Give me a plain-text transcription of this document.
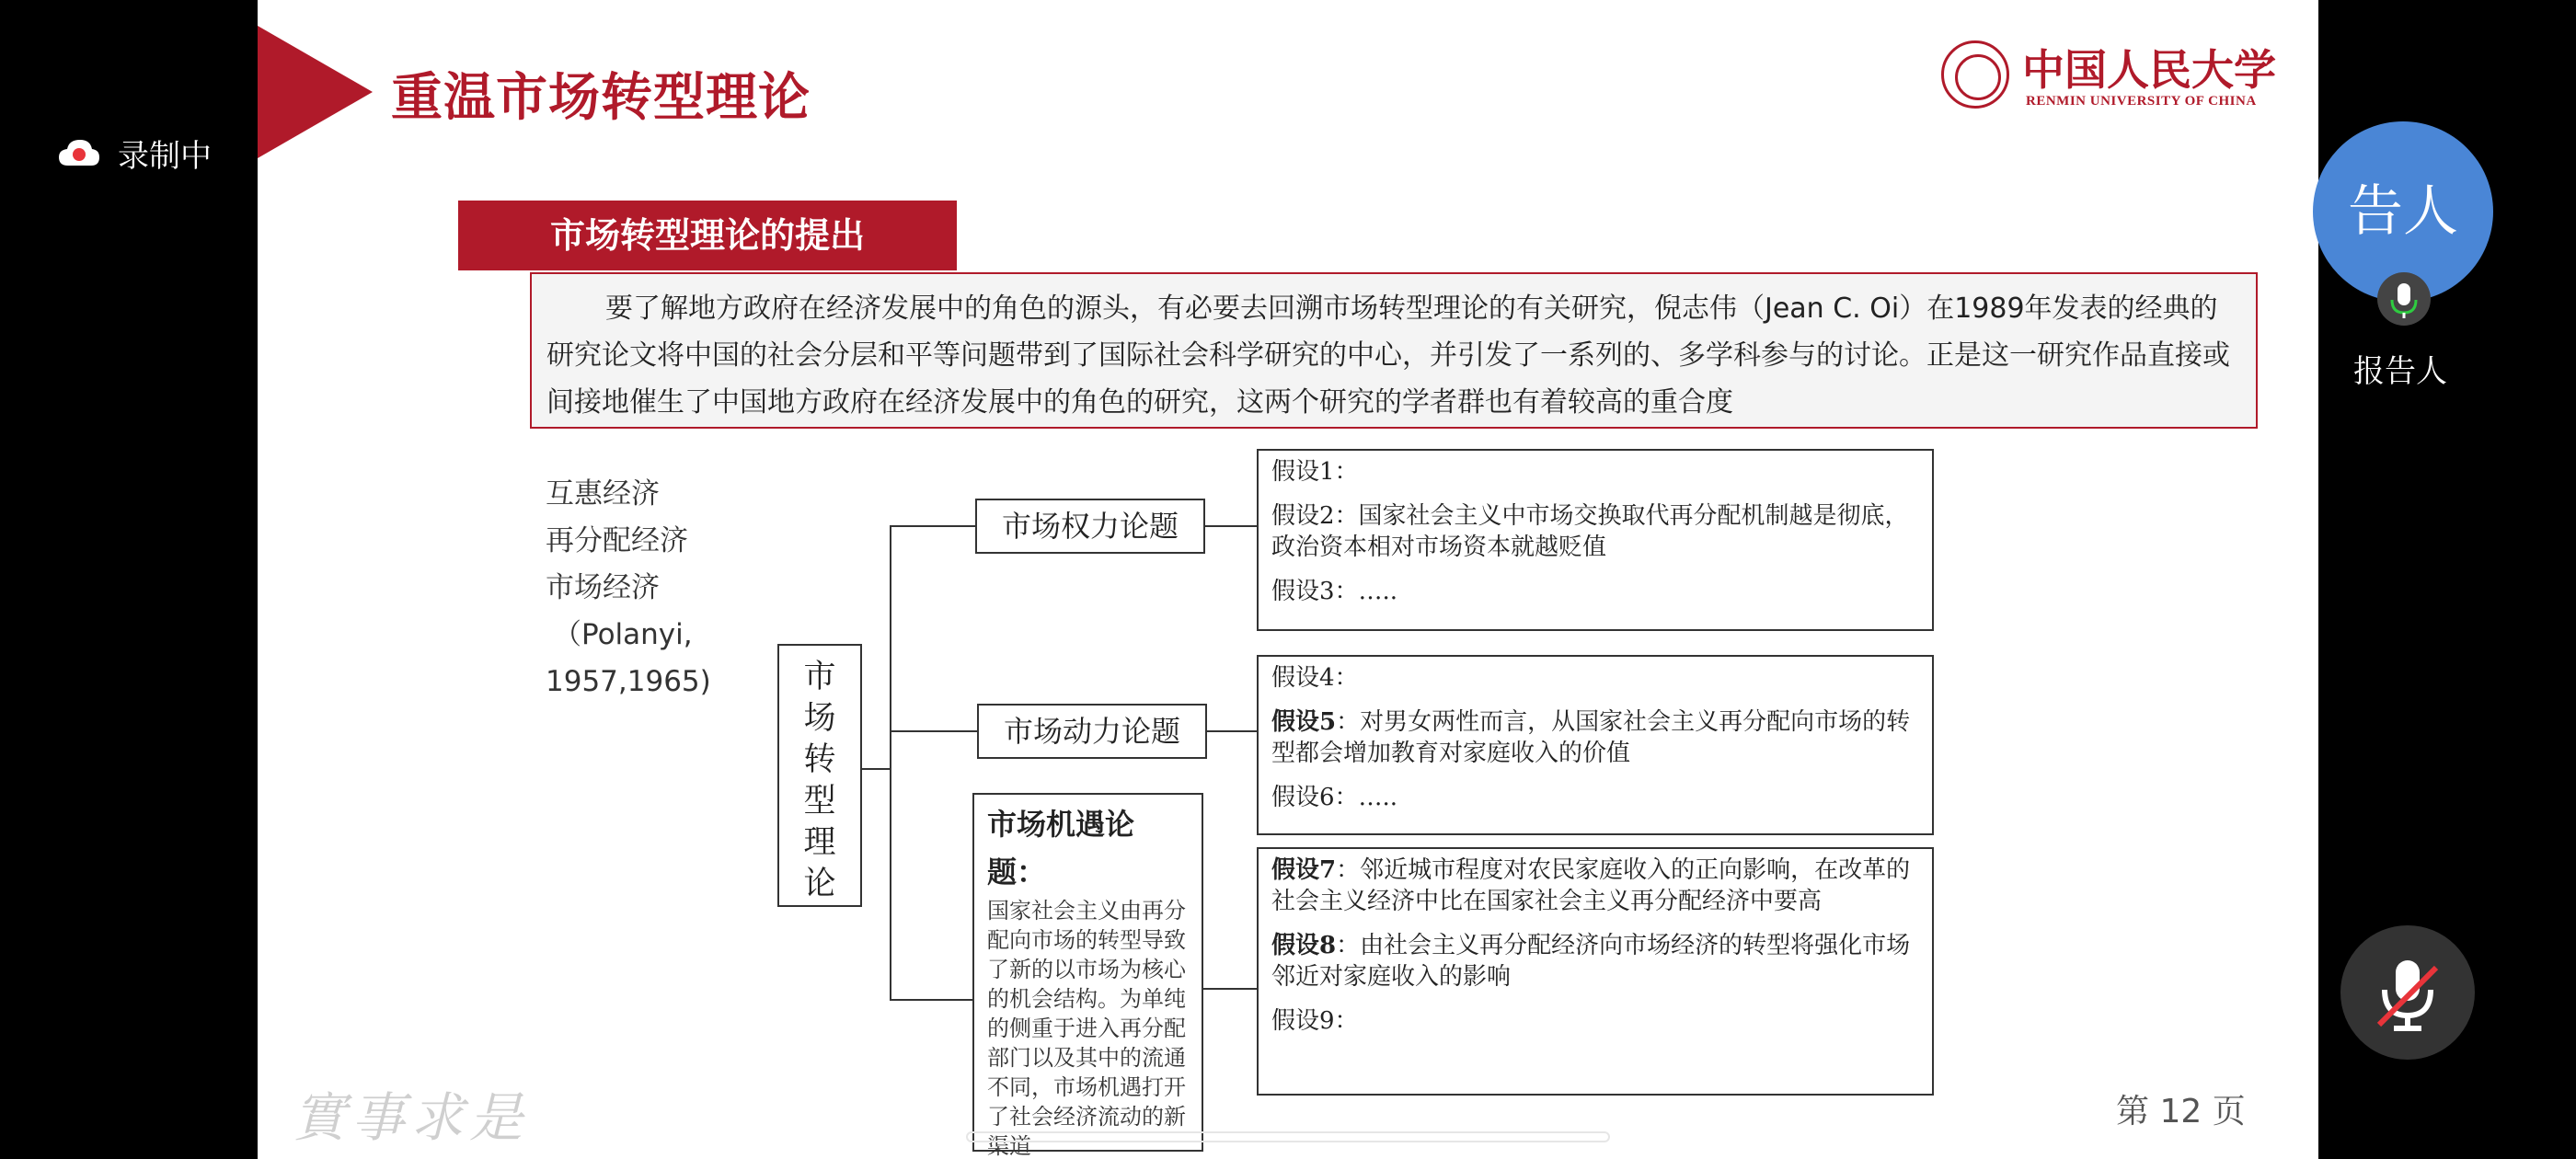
重温市场转型理论	中国人民大学
RENMIN UNIVERSITY OF CHINA
市场转型理论的提出
要了解地方政府在经济发展中的角色的源头，有必要去回溯市场转型理论的有关研究，倪志伟（Jean C. Oi）在1989年发表的经典的研究论文将中国的社会分层和平等问题带到了国际社会科学研究的中心，并引发了一系列的、多学科参与的讨论。正是这一研究作品直接或间接地催生了中国地方政府在经济发展中的角色的研究，这两个研究的学者群也有着较高的重合度
互惠经济
再分配经济
市场经济
（Polanyi,
1957,1965)	市
场
转
型
理
论
市场权力论题
市场动力论题
市场机遇论题：
国家社会主义由再分配向市场的转型导致了新的以市场为核心的机会结构。为单纯的侧重于进入再分配部门以及其中的流通不同，市场机遇打开了社会经济流动的新渠道

假设1：

假设2：国家社会主义中市场交换取代再分配机制越是彻底，政治资本相对市场资本就越贬值

假设3：…..

假设4：

假设5：对男女两性而言，从国家社会主义再分配向市场的转型都会增加教育对家庭收入的价值

假设6：…..

假设7：邻近城市程度对农民家庭收入的正向影响，在改革的社会主义经济中比在国家社会主义再分配经济中要高

假设8：由社会主义再分配经济向市场经济的转型将强化市场邻近对家庭收入的影响

假设9：

實事求是	第 12 页
录制中
告人
报告人
